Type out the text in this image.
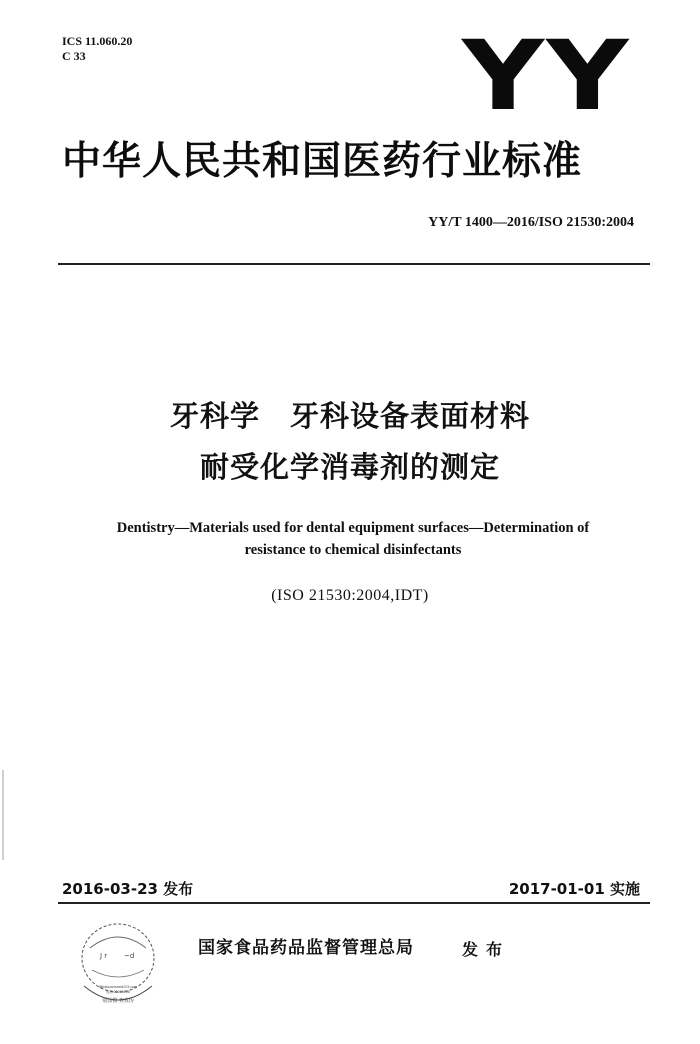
ICS 11.060.20
C 33	YY
中华人民共和国医药行业标准
YY/T 1400—2016/ISO 21530:2004
牙科学　牙科设备表面材料
耐受化学消毒剂的测定
Dentistry—Materials used for dental equipment surfaces—Determination of
resistance to chemical disinfectants
(ISO 21530:2004,IDT)
2016-03-23 发布	2017-01-01 实施
J r ~d
Whatsyouneed123.com
电话:00000000
别涂摸 查真伪
国家食品药品监督管理总局	发布
